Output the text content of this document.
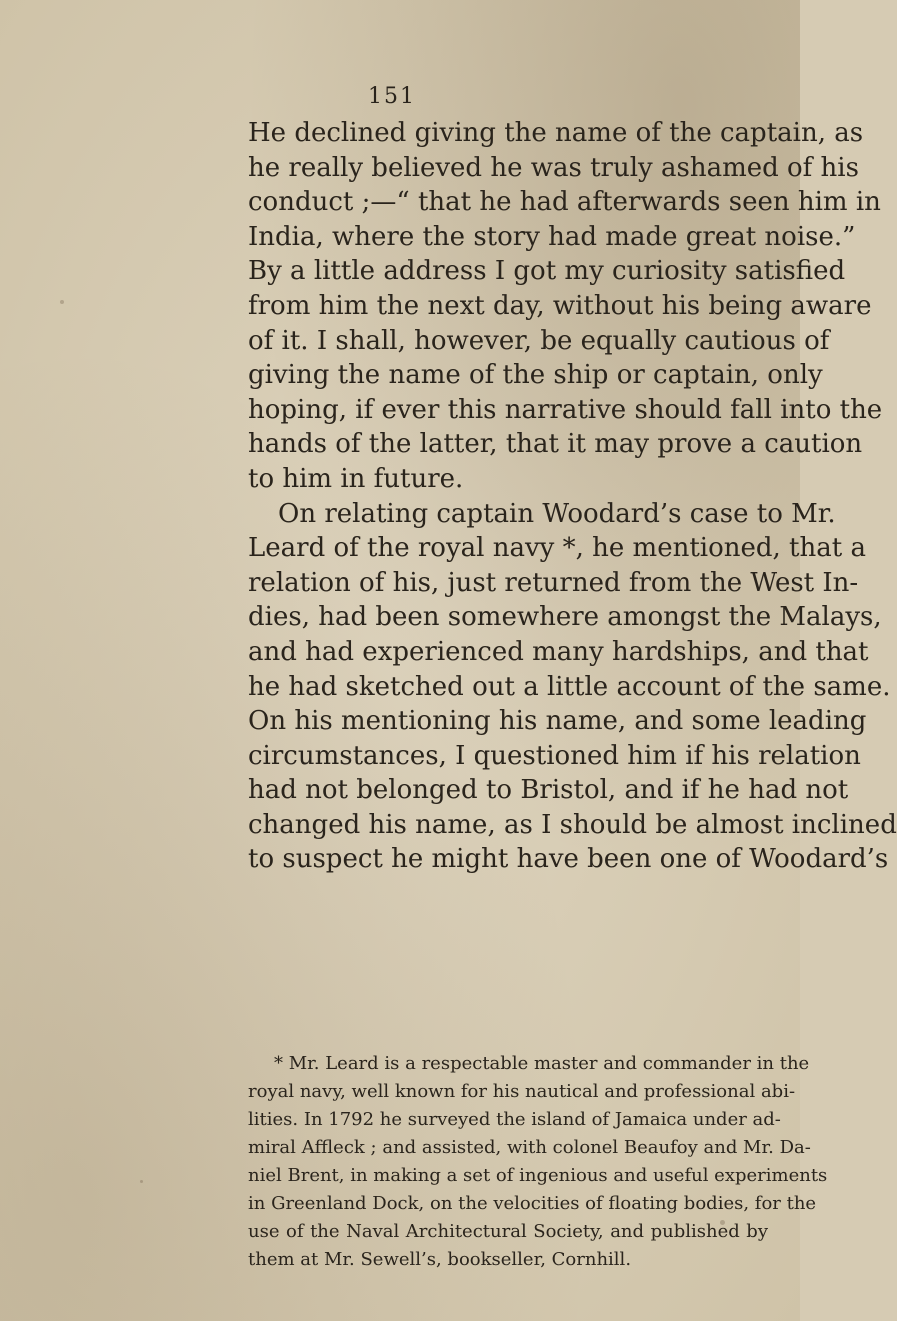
151
He declined giving the name of the captain, as
he really believed he was truly ashamed of his
conduct ;—“ that he had afterwards seen him in
India, where the story had made great noise.”
By a little address I got my curiosity satisfied
from him the next day, without his being aware
of it. I shall, however, be equally cautious of
giving the name of the ship or captain, only
hoping, if ever this narrative should fall into the
hands of the latter, that it may prove a caution
to him in future.
On relating captain Woodard’s case to Mr.
Leard of the royal navy *, he mentioned, that a
relation of his, just returned from the West In-
dies, had been somewhere amongst the Malays,
and had experienced many hardships, and that
he had sketched out a little account of the same.
On his mentioning his name, and some leading
circumstances, I questioned him if his relation
had not belonged to Bristol, and if he had not
changed his name, as I should be almost inclined
to suspect he might have been one of Woodard’s
* Mr. Leard is a respectable master and commander in the
royal navy, well known for his nautical and professional abi-
lities. In 1792 he surveyed the island of Jamaica under ad-
miral Affleck ; and assisted, with colonel Beaufoy and Mr. Da-
niel Brent, in making a set of ingenious and useful experiments
in Greenland Dock, on the velocities of floating bodies, for the
use of the Naval Architectural Society, and published by
them at Mr. Sewell’s, bookseller, Cornhill.
